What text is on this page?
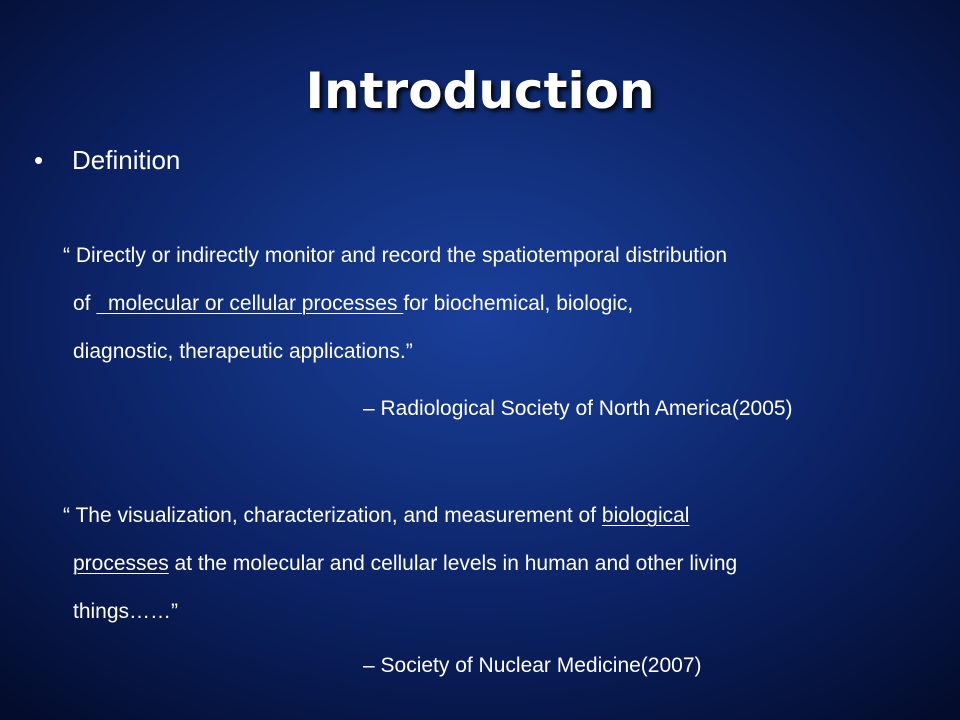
Introduction
• Definition
“ Directly or indirectly monitor and record the spatiotemporal distribution
of   molecular or cellular processes for biochemical, biologic,
diagnostic, therapeutic applications.”
– Radiological Society of North America(2005)
“ The visualization, characterization, and measurement of biological
processes at the molecular and cellular levels in human and other living
things……”
– Society of Nuclear Medicine(2007)
